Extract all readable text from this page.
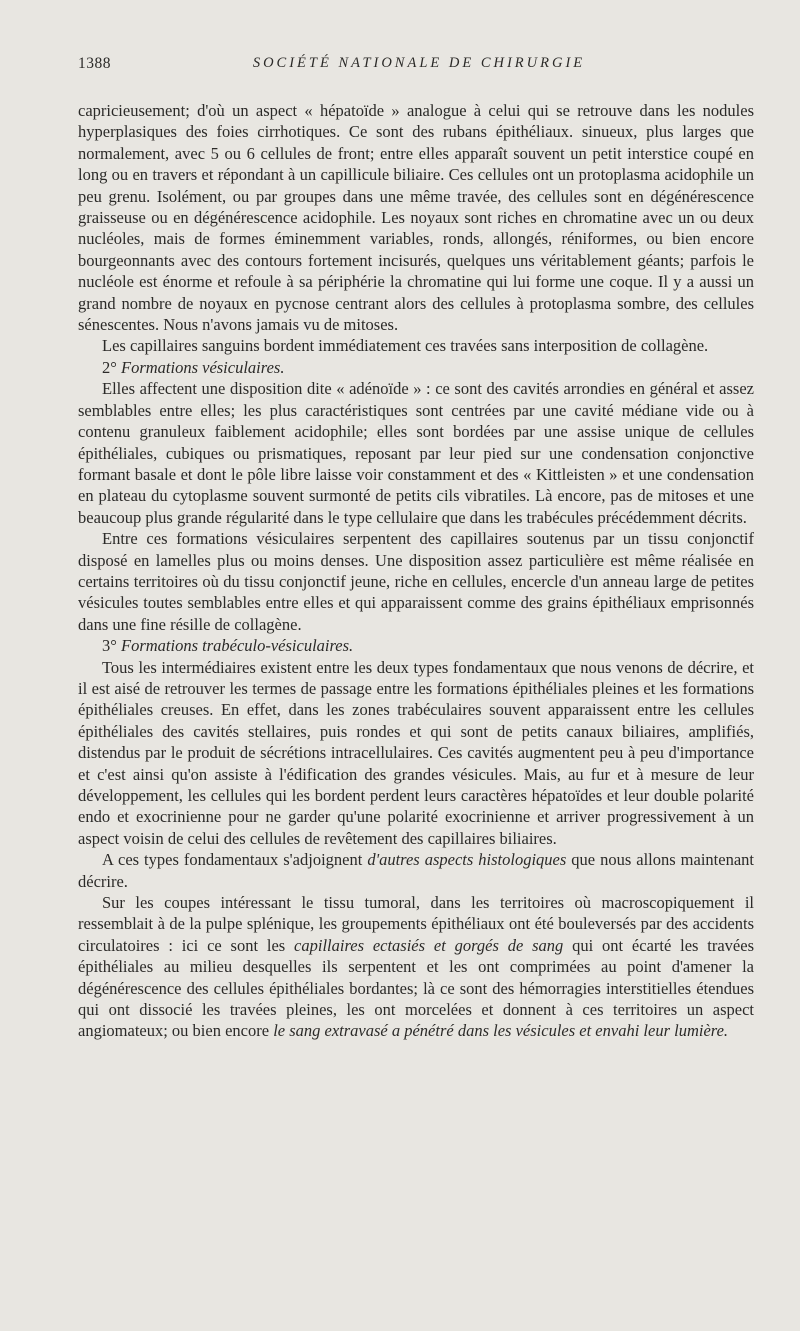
1388	SOCIÉTÉ NATIONALE DE CHIRURGIE

capricieusement; d'où un aspect « hépatoïde » analogue à celui qui se retrouve dans les nodules hyperplasiques des foies cirrhotiques. Ce sont des rubans épithéliaux. sinueux, plus larges que normalement, avec 5 ou 6 cellules de front; entre elles apparaît souvent un petit interstice coupé en long ou en travers et répondant à un capillicule biliaire. Ces cellules ont un protoplasma acidophile un peu grenu. Isolément, ou par groupes dans une même travée, des cellules sont en dégénérescence graisseuse ou en dégénérescence acidophile. Les noyaux sont riches en chromatine avec un ou deux nucléoles, mais de formes éminemment variables, ronds, allongés, réniformes, ou bien encore bourgeonnants avec des contours fortement incisurés, quelques uns véritablement géants; parfois le nucléole est énorme et refoule à sa périphérie la chromatine qui lui forme une coque. Il y a aussi un grand nombre de noyaux en pycnose centrant alors des cellules à protoplasma sombre, des cellules sénescentes. Nous n'avons jamais vu de mitoses.

Les capillaires sanguins bordent immédiatement ces travées sans interposition de collagène.

2° Formations vésiculaires.

Elles affectent une disposition dite « adénoïde » : ce sont des cavités arrondies en général et assez semblables entre elles; les plus caractéristiques sont centrées par une cavité médiane vide ou à contenu granuleux faiblement acidophile; elles sont bordées par une assise unique de cellules épithéliales, cubiques ou prismatiques, reposant par leur pied sur une condensation conjonctive formant basale et dont le pôle libre laisse voir constamment et des « Kittleisten » et une condensation en plateau du cytoplasme souvent surmonté de petits cils vibratiles. Là encore, pas de mitoses et une beaucoup plus grande régularité dans le type cellulaire que dans les trabécules précédemment décrits.

Entre ces formations vésiculaires serpentent des capillaires soutenus par un tissu conjonctif disposé en lamelles plus ou moins denses. Une disposition assez particulière est même réalisée en certains territoires où du tissu conjonctif jeune, riche en cellules, encercle d'un anneau large de petites vésicules toutes semblables entre elles et qui apparaissent comme des grains épithéliaux emprisonnés dans une fine résille de collagène.

3° Formations trabéculo-vésiculaires.

Tous les intermédiaires existent entre les deux types fondamentaux que nous venons de décrire, et il est aisé de retrouver les termes de passage entre les formations épithéliales pleines et les formations épithéliales creuses. En effet, dans les zones trabéculaires souvent apparaissent entre les cellules épithéliales des cavités stellaires, puis rondes et qui sont de petits canaux biliaires, amplifiés, distendus par le produit de sécrétions intracellulaires. Ces cavités augmentent peu à peu d'importance et c'est ainsi qu'on assiste à l'édification des grandes vésicules. Mais, au fur et à mesure de leur développement, les cellules qui les bordent perdent leurs caractères hépatoïdes et leur double polarité endo et exocrinienne pour ne garder qu'une polarité exocrinienne et arriver progressivement à un aspect voisin de celui des cellules de revêtement des capillaires biliaires.

A ces types fondamentaux s'adjoignent d'autres aspects histologiques que nous allons maintenant décrire.

Sur les coupes intéressant le tissu tumoral, dans les territoires où macroscopiquement il ressemblait à de la pulpe splénique, les groupements épithéliaux ont été bouleversés par des accidents circulatoires : ici ce sont les capillaires ectasiés et gorgés de sang qui ont écarté les travées épithéliales au milieu desquelles ils serpentent et les ont comprimées au point d'amener la dégénérescence des cellules épithéliales bordantes; là ce sont des hémorragies interstitielles étendues qui ont dissocié les travées pleines, les ont morcelées et donnent à ces territoires un aspect angiomateux; ou bien encore le sang extravasé a pénétré dans les vésicules et envahi leur lumière.
